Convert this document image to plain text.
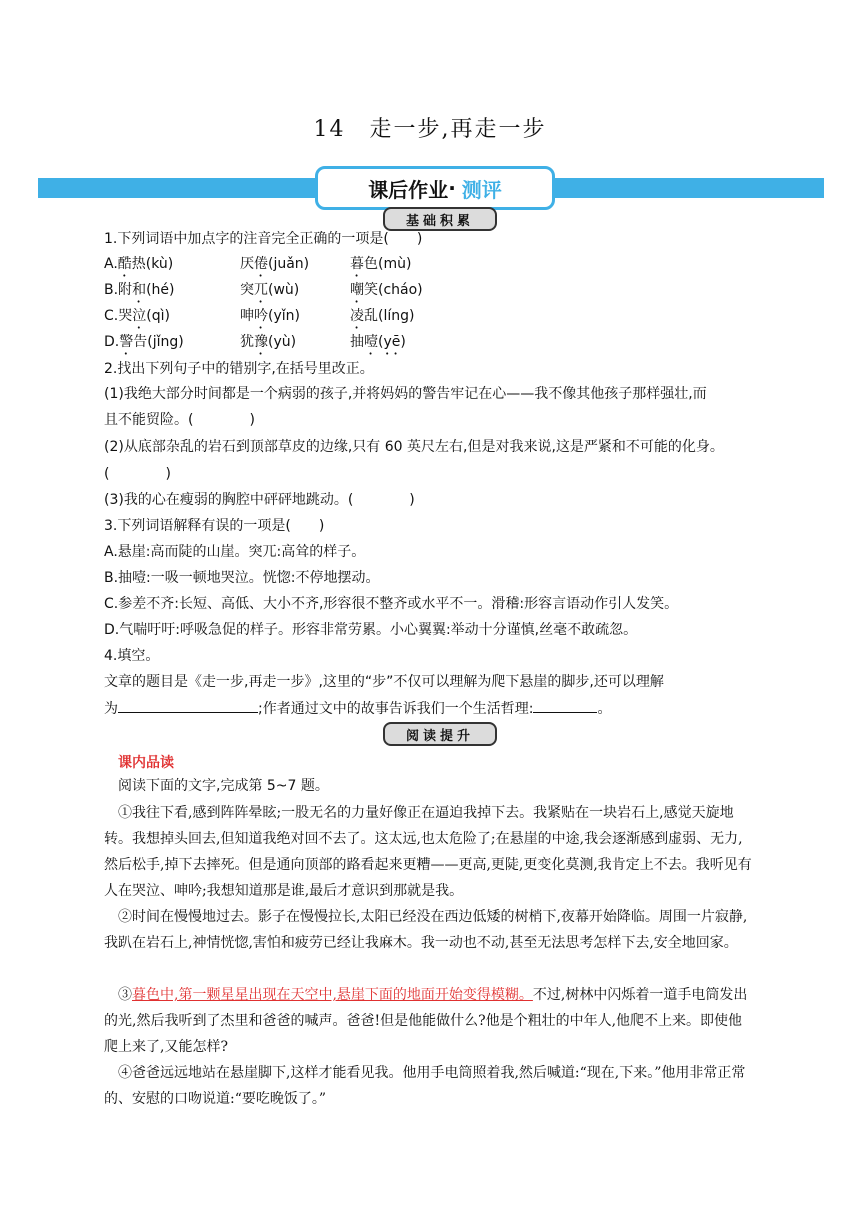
14　走一步,再走一步
课后作业 · 测评
基础积累
1.下列词语中加点字的注音完全正确的一项是(　　)
A.酷热(kù)	厌倦(juǎn)	暮色(mù)
B.附和(hé)	突兀(wù)	嘲笑(cháo)
C.哭泣(qì)	呻吟(yǐn)	凌乱(líng)
D.警告(jǐng)	犹豫(yù)	抽噎(yē)
2.找出下列句子中的错别字,在括号里改正。
(1)我绝大部分时间都是一个病弱的孩子,并将妈妈的警告牢记在心——我不像其他孩子那样强壮,而
且不能贸险。(　　　　)
(2)从底部杂乱的岩石到顶部草皮的边缘,只有 60 英尺左右,但是对我来说,这是严紧和不可能的化身。
(　　　　)
(3)我的心在瘦弱的胸腔中砰砰地跳动。(　　　　)
3.下列词语解释有误的一项是(　　)
A.悬崖:高而陡的山崖。突兀:高耸的样子。
B.抽噎:一吸一顿地哭泣。恍惚:不停地摆动。
C.参差不齐:长短、高低、大小不齐,形容很不整齐或水平不一。滑稽:形容言语动作引人发笑。
D.气喘吁吁:呼吸急促的样子。形容非常劳累。小心翼翼:举动十分谨慎,丝毫不敢疏忽。
4.填空。
文章的题目是《走一步,再走一步》,这里的“步”不仅可以理解为爬下悬崖的脚步,还可以理解
为	;作者通过文中的故事告诉我们一个生活哲理:	。
阅读提升
课内品读
阅读下面的文字,完成第 5~7 题。
①我往下看,感到阵阵晕眩;一股无名的力量好像正在逼迫我掉下去。我紧贴在一块岩石上,感觉天旋地转。我想掉头回去,但知道我绝对回不去了。这太远,也太危险了;在悬崖的中途,我会逐渐感到虚弱、无力,然后松手,掉下去摔死。但是通向顶部的路看起来更糟——更高,更陡,更变化莫测,我肯定上不去。我听见有人在哭泣、呻吟;我想知道那是谁,最后才意识到那就是我。
②时间在慢慢地过去。影子在慢慢拉长,太阳已经没在西边低矮的树梢下,夜幕开始降临。周围一片寂静,我趴在岩石上,神情恍惚,害怕和疲劳已经让我麻木。我一动也不动,甚至无法思考怎样下去,安全地回家。
③暮色中,第一颗星星出现在天空中,悬崖下面的地面开始变得模糊。不过,树林中闪烁着一道手电筒发出的光,然后我听到了杰里和爸爸的喊声。爸爸!但是他能做什么?他是个粗壮的中年人,他爬不上来。即使他爬上来了,又能怎样?
④爸爸远远地站在悬崖脚下,这样才能看见我。他用手电筒照着我,然后喊道:“现在,下来。”他用非常正常的、安慰的口吻说道:“要吃晚饭了。”
